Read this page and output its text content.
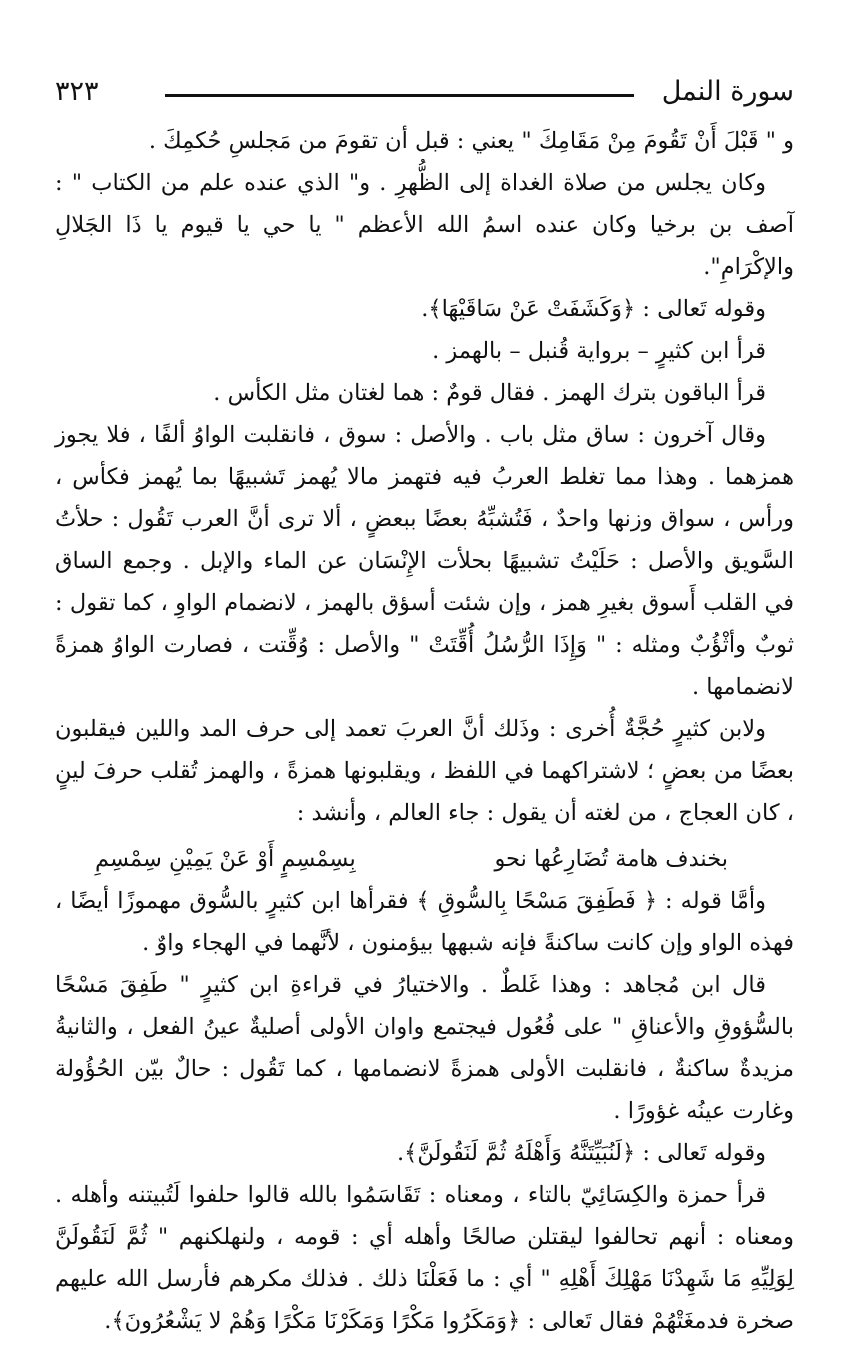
سورة النمل
٣٢٣

و " قَبْلَ أَنْ تَقُومَ مِنْ مَقَامِكَ " يعني : قبل أن تقومَ من مَجلسِ حُكمِكَ .

وكان يجلس من صلاة الغداة إلى الظُّهرِ . و" الذي عنده علم من الكتاب " : آصف بن برخيا وكان عنده اسمُ الله الأعظم " يا حي يا قيوم يا ذَا الجَلالِ والإكْرَامِ".

وقوله تَعالى : ﴿وَكَشَفَتْ عَنْ سَاقَيْهَا﴾.

قرأ ابن كثيرٍ – برواية قُنبل – بالهمز .

قرأ الباقون بترك الهمز . فقال قومٌ : هما لغتان مثل الكأس .

وقال آخرون : ساق مثل باب . والأصل : سوق ، فانقلبت الواوُ ألفًا ، فلا يجوز همزهما . وهذا مما تغلط العربُ فيه فتهمز مالا يُهمز تَشبيهًا بما يُهمز فكأس ، ورأس ، سواق وزنها واحدٌ ، فَتُشبِّهُ بعضًا ببعضٍ ، ألا ترى أنَّ العرب تَقُول : حلأتُ السَّويق والأصل : حَلَيْتُ تشبيهًا بحلأت الإِنْسَان عن الماء والإبل . وجمع الساق في القلب أَسوق بغيرِ همز ، وإن شئت أسؤق بالهمز ، لانضمام الواوِ ، كما تقول : ثوبٌ وأثْؤُبٌ ومثله : " وَإِذَا الرُّسُلُ أُقِّتَتْ " والأصل : وُقِّتت ، فصارت الواوُ همزةً لانضمامها .

ولابن كثيرٍ حُجَّةٌ أُخرى : وذَلك أنَّ العربَ تعمد إلى حرف المد واللين فيقلبون بعضًا من بعضٍ ؛ لاشتراكهما في اللفظ ، ويقلبونها همزةً ، والهمز تُقلب حرفَ لينٍ ، كان العجاج ، من لغته أن يقول : جاء العالم ، وأنشد :

بخندف هامة تُضَارِعُها نحو
بِسِمْسِمٍ أَوْ عَنْ يَمِيْنِ سِمْسِمِ

وأمَّا قوله : ﴿ فَطَفِقَ مَسْحًا بِالسُّوقِ ﴾ فقرأها ابن كثيرٍ بالسُّوق مهموزًا أيضًا ، فهذه الواو وإن كانت ساكنةً فإنه شبهها بيؤمنون ، لأنَّهما في الهجاء واوٌ .

قال ابن مُجاهد : وهذا غَلطٌ . والاختيارُ في قراءةِ ابن كثيرٍ " طَفِقَ مَسْحًا بالسُّؤوقِ والأعناقِ " على فُعُول فيجتمع واوان الأولى أصليةٌ عينُ الفعل ، والثانيةُ مزيدةٌ ساكنةٌ ، فانقلبت الأولى همزةً لانضمامها ، كما تَقُول : حالٌ بيّن الحُؤُولة وغارت عينُه غؤورًا .

وقوله تَعالى : ﴿لَنُبَيِّتَنَّهُ وَأَهْلَهُ ثُمَّ لَنَقُولَنَّ﴾.

قرأ حمزة والكِسَائِيّ بالتاء ، ومعناه : تَقَاسَمُوا بالله قالوا حلفوا لَتُبيتنه وأهله . ومعناه : أنهم تحالفوا ليقتلن صالحًا وأهله أي : قومه ، ولنهلكنهم " ثُمَّ لَنَقُولَنَّ لِوَلِيِّهِ مَا شَهِدْنَا مَهْلِكَ أَهْلِهِ " أي : ما فَعَلْنَا ذلك . فذلك مكرهم فأرسل الله عليهم صخرة فدمغَتْهُمْ فقال تَعالى : ﴿وَمَكَرُوا مَكْرًا وَمَكَرْنَا مَكْرًا وَهُمْ لا يَشْعُرُونَ﴾.
